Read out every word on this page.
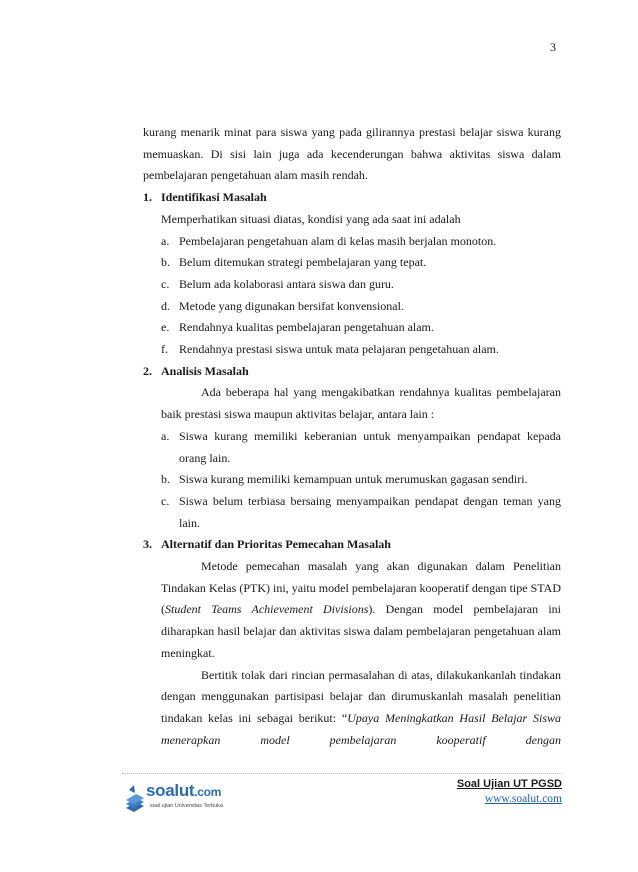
3

kurang menarik minat para siswa yang pada gilirannya prestasi belajar siswa kurang memuaskan. Di sisi lain juga ada kecenderungan bahwa aktivitas siswa dalam pembelajaran pengetahuan alam masih rendah.

1. Identifikasi Masalah

Memperhatikan situasi diatas, kondisi yang ada saat ini adalah

a. Pembelajaran pengetahuan alam di kelas masih berjalan monoton.
b. Belum ditemukan strategi pembelajaran yang tepat.
c. Belum ada kolaborasi antara siswa dan guru.
d. Metode yang digunakan bersifat konvensional.
e. Rendahnya kualitas pembelajaran pengetahuan alam.
f. Rendahnya prestasi siswa untuk mata pelajaran pengetahuan alam.
2. Analisis Masalah

Ada beberapa hal yang mengakibatkan rendahnya kualitas pembelajaran baik prestasi siswa maupun aktivitas belajar, antara lain :

a. Siswa kurang memiliki keberanian untuk menyampaikan pendapat kepada orang lain.
b. Siswa kurang memiliki kemampuan untuk merumuskan gagasan sendiri.
c. Siswa belum terbiasa bersaing menyampaikan pendapat dengan teman yang lain.
3. Alternatif dan Prioritas Pemecahan Masalah

Metode pemecahan masalah yang akan digunakan dalam Penelitian Tindakan Kelas (PTK) ini, yaitu model pembelajaran kooperatif dengan tipe STAD (Student Teams Achievement Divisions). Dengan model pembelajaran ini diharapkan hasil belajar dan aktivitas siswa dalam pembelajaran pengetahuan alam meningkat.

Bertitik tolak dari rincian permasalahan di atas, dilakukankanlah tindakan dengan menggunakan partisipasi belajar dan dirumuskanlah masalah penelitian tindakan kelas ini sebagai berikut: “Upaya Meningkatkan Hasil Belajar Siswa menerapkan model pembelajaran kooperatif dengan

soalut.com
soal ujian Universitas Terbuka
Soal Ujian UT PGSD
www.soalut.com
